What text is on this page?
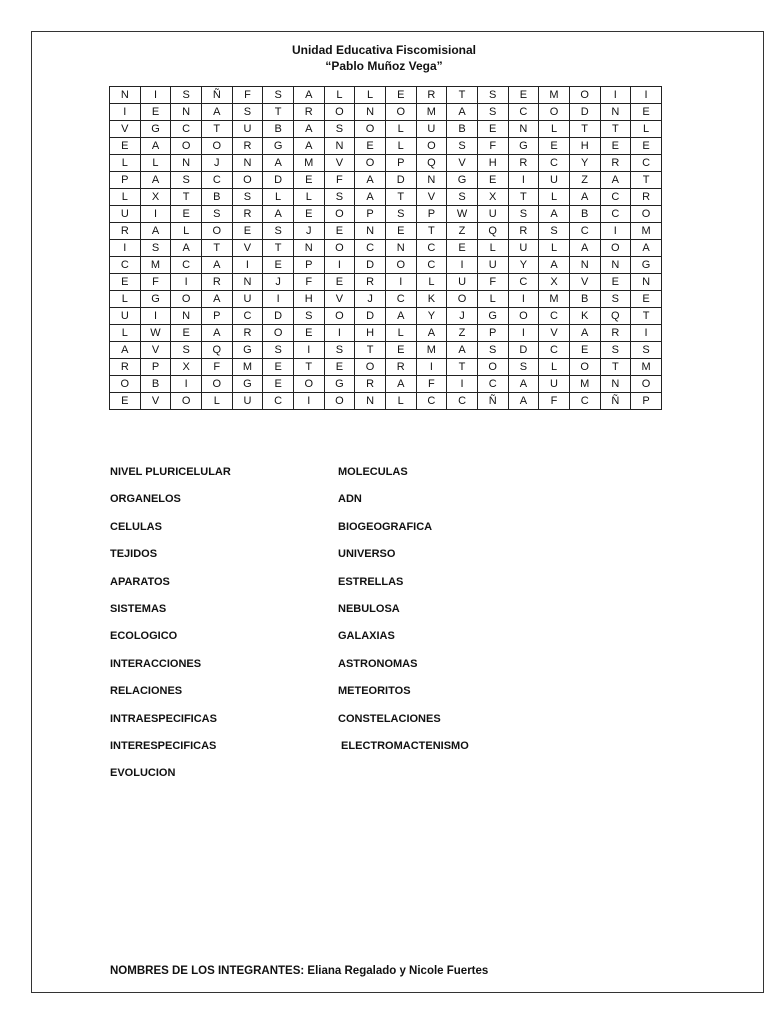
Unidad Educativa Fiscomisional
“Pablo Muñoz Vega”
N	I	S	Ñ	F	S	A	L	L	E	R	T	S	E	M	O	I	I
I	E	N	A	S	T	R	O	N	O	M	A	S	C	O	D	N	E
V	G	C	T	U	B	A	S	O	L	U	B	E	N	L	T	T	L
E	A	O	O	R	G	A	N	E	L	O	S	F	G	E	H	E	E
L	L	N	J	N	A	M	V	O	P	Q	V	H	R	C	Y	R	C
P	A	S	C	O	D	E	F	A	D	N	G	E	I	U	Z	A	T
L	X	T	B	S	L	L	S	A	T	V	S	X	T	L	A	C	R
U	I	E	S	R	A	E	O	P	S	P	W	U	S	A	B	C	O
R	A	L	O	E	S	J	E	N	E	T	Z	Q	R	S	C	I	M
I	S	A	T	V	T	N	O	C	N	C	E	L	U	L	A	O	A
C	M	C	A	I	E	P	I	D	O	C	I	U	Y	A	N	N	G
E	F	I	R	N	J	F	E	R	I	L	U	F	C	X	V	E	N
L	G	O	A	U	I	H	V	J	C	K	O	L	I	M	B	S	E
U	I	N	P	C	D	S	O	D	A	Y	J	G	O	C	K	Q	T
L	W	E	A	R	O	E	I	H	L	A	Z	P	I	V	A	R	I
A	V	S	Q	G	S	I	S	T	E	M	A	S	D	C	E	S	S
R	P	X	F	M	E	T	E	O	R	I	T	O	S	L	O	T	M
O	B	I	O	G	E	O	G	R	A	F	I	C	A	U	M	N	O
E	V	O	L	U	C	I	O	N	L	C	C	Ñ	A	F	C	Ñ	P
NIVEL PLURICELULAR
ORGANELOS
CELULAS
TEJIDOS
APARATOS
SISTEMAS
ECOLOGICO
INTERACCIONES
RELACIONES
INTRAESPECIFICAS
INTERESPECIFICAS
EVOLUCION
MOLECULAS
ADN
BIOGEOGRAFICA
UNIVERSO
ESTRELLAS
NEBULOSA
GALAXIAS
ASTRONOMAS
METEORITOS
CONSTELACIONES
ELECTROMACTENISMO
NOMBRES DE LOS INTEGRANTES: Eliana Regalado y Nicole Fuertes
